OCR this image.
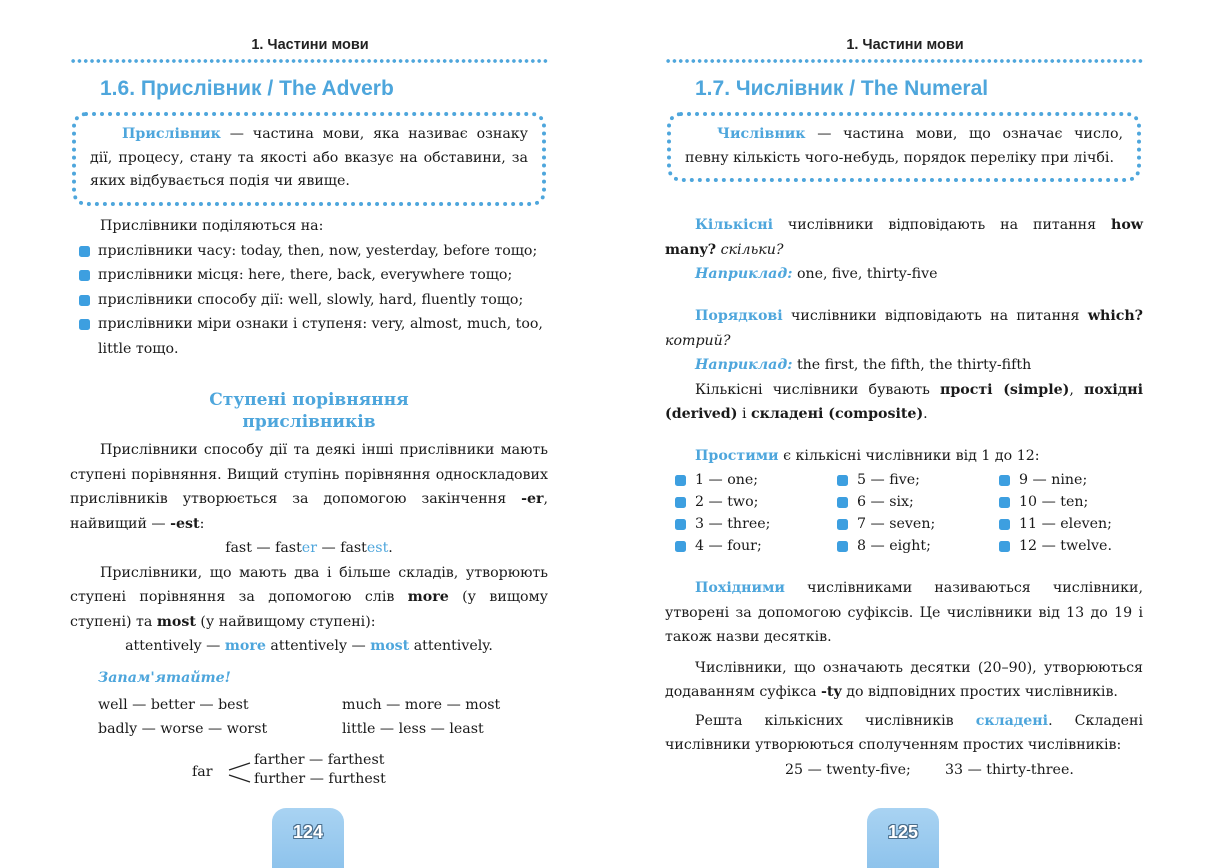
1. Частини мови
1.6. Прислівник / The Adverb
Прислівник — частина мови, яка називає ознаку дії, процесу, стану та якості або вказує на обставини, за яких відбувається подія чи явище.

Прислівники поділяються на:

прислівники часу: today, then, now, yesterday, before тощо;
прислівники місця: here, there, back, everywhere тощо;
прислівники способу дії: well, slowly, hard, fluently тощо;
прислівники міри ознаки і ступеня: very, almost, much, too, little тощо.
Ступені порівняння
прислівників

Прислівники способу дії та деякі інші прислівники мають ступені порівняння. Вищий ступінь порівняння односкладових прислівників утворюється за допомогою закінчення -er, найвищий — -est:

fast — faster — fastest.

Прислівники, що мають два і більше складів, утворюють ступені порівняння за допомогою слів more (у вищому ступені) та most (у найвищому ступені):

attentively — more attentively — most attentively.

Запам'ятайте!
well — better — best	much — more — most
badly — worse — worst	little — less — least
far
farther — farthest
further — furthest
124
1. Частини мови
1.7. Числівник / The Numeral
Числівник — частина мови, що означає число, певну кількість чого-небудь, порядок переліку при лічбі.

Кількісні числівники відповідають на питання how many? скільки?

Наприклад: one, five, thirty-five

Порядкові числівники відповідають на питання which? котрий?

Наприклад: the first, the fifth, the thirty-fifth

Кількісні числівники бувають прості (simple), похідні (derived) і складені (composite).

Простими є кількісні числівники від 1 до 12:

1 — one;
2 — two;
3 — three;
4 — four;
5 — five;
6 — six;
7 — seven;
8 — eight;
9 — nine;
10 — ten;
11 — eleven;
12 — twelve.

Похідними числівниками називаються числівники, утворені за допомогою суфіксів. Це числівники від 13 до 19 і також назви десятків.

Числівники, що означають десятки (20–90), утворюються додаванням суфікса -ty до відповідних простих числівників.

Решта кількісних числівників складені. Складені числівники утворюються сполученням простих числівників:

25 — twenty-five;	33 — thirty-three.

125
